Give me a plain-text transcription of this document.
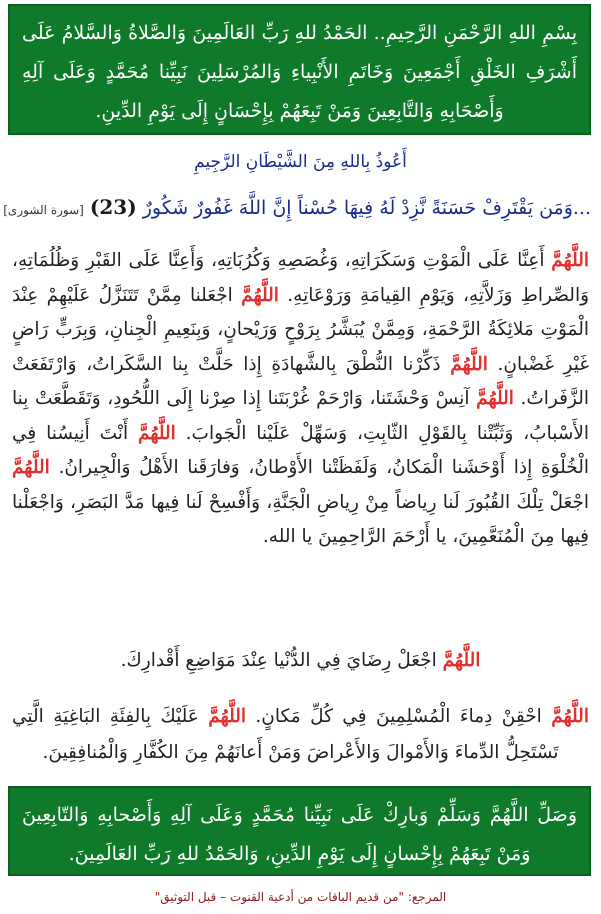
بِسْمِ اللهِ الرَّحْمَنِ الرَّحِيمِ.. الحَمْدُ للهِ رَبِّ العَالَمِينَ وَالصَّلاةُ وَالسَّلامُ عَلَى أَشْرَفِ الخَلْقِ أَجْمَعِينَ وَخَاتَمِ الأَنْبِياءِ وَالمُرْسَلِينَ نَبِيِّنا مُحَمَّدٍ وَعَلَى آلِهِ وَأَصْحَابِهِ وَالتَّابِعِينَ وَمَنْ تَبِعَهُمْ بِإِحْسَانٍ إِلَى يَوْمِ الدِّينِ.
أَعُوذُ بِاللهِ مِنَ الشَّيْطَانِ الرَّجِيمِ
...وَمَن يَقْتَرِفْ حَسَنَةً نَّزِدْ لَهُ فِيهَا حُسْناً إِنَّ اللَّهَ غَفُورٌ شَكُورٌ (23) [سورة الشورى]
اللَّهُمَّ أَعِنَّا عَلَى الْمَوْتِ وَسَكَرَاتِهِ، وَغُصَصِهِ وَكُرُبَاتِهِ، وَأَعِنَّا عَلَى القَبْرِ وَظُلُمَاتِهِ، وَالصِّراطِ وَزَلاَّتِهِ، وَيَوْمِ القِيامَةِ وَرَوْعَاتِهِ. اللَّهُمَّ اجْعَلنا مِمَّنْ تَتَنَزَّلُ عَلَيْهِمْ عِنْدَ الْمَوْتِ مَلائِكَةُ الرَّحْمَةِ، وَمِمَّنْ يُبَشَّرُ بِرَوْحٍ وَرَيْحانٍ، وَبِنَعِيمِ الْجِنانِ، وَبِرَبٍّ رَاضٍ غَيْرِ غَضْبانٍ. اللَّهُمَّ ذَكِّرْنا النُّطْقَ بِالشَّهادَةِ إِذا حَلَّتْ بِنا السَّكَراتُ، وَارْتَفَعَتْ الزَّفَراتُ. اللَّهُمَّ آنِسْ وَحْشَتَنا، وَارْحَمْ غُرْبَتَنا إِذا صِرْنا إِلَى اللُّحُودِ، وَتَقَطَّعَتْ بِنا الأَسْبابُ، وَثَبِّتْنا بِالقَوْلِ الثّابِتِ، وَسَهِّلْ عَلَيْنا الْجَوابَ. اللَّهُمَّ أَنْتَ أَنِيسُنا فِي الْخُلْوَةِ إِذا أَوْحَشَنا الْمَكانُ، وَلَفَظَتْنا الأَوْطانُ، وَفارَقَنا الأَهْلُ وَالْجِيرانُ. اللَّهُمَّ اجْعَلْ تِلْكَ القُبُورَ لَنا رِياضاً مِنْ رِياضِ الْجَنَّةِ، وَأَفْسِحْ لَنا فِيها مَدَّ البَصَرِ، وَاجْعَلْنا فِيها مِنَ الْمُنَعَّمِينَ، يا أَرْحَمَ الرَّاحِمِينَ يا الله.
اللَّهُمَّ اجْعَلْ رِضَايَ فِي الدُّنْيا عِنْدَ مَوَاضِعِ أَقْدارِكَ.
اللَّهُمَّ احْقِنْ دِماءَ الْمُسْلِمِينَ فِي كُلِّ مَكانٍ. اللَّهُمَّ عَلَيْكَ بِالفِئَةِ البَاغِيَةِ الَّتِي تَسْتَحِلُّ الدِّماءَ وَالأَمْوالَ وَالأَعْراضَ وَمَنْ أَعانَهُمْ مِنَ الكُفَّارِ وَالْمُنافِقِينَ.
وَصَلِّ اللَّهُمَّ وَسَلِّمْ وَبارِكْ عَلَى نَبِيِّنا مُحَمَّدٍ وَعَلَى آلِهِ وَأَصْحابِهِ وَالتّابِعِينَ وَمَنْ تَبِعَهُمْ بِإِحْسانٍ إِلَى يَوْمِ الدِّينِ، وَالحَمْدُ للهِ رَبِّ العَالَمِينَ.
المرجع: "من قديم الباقات من أدعية القنوت – قبل التوثيق"
